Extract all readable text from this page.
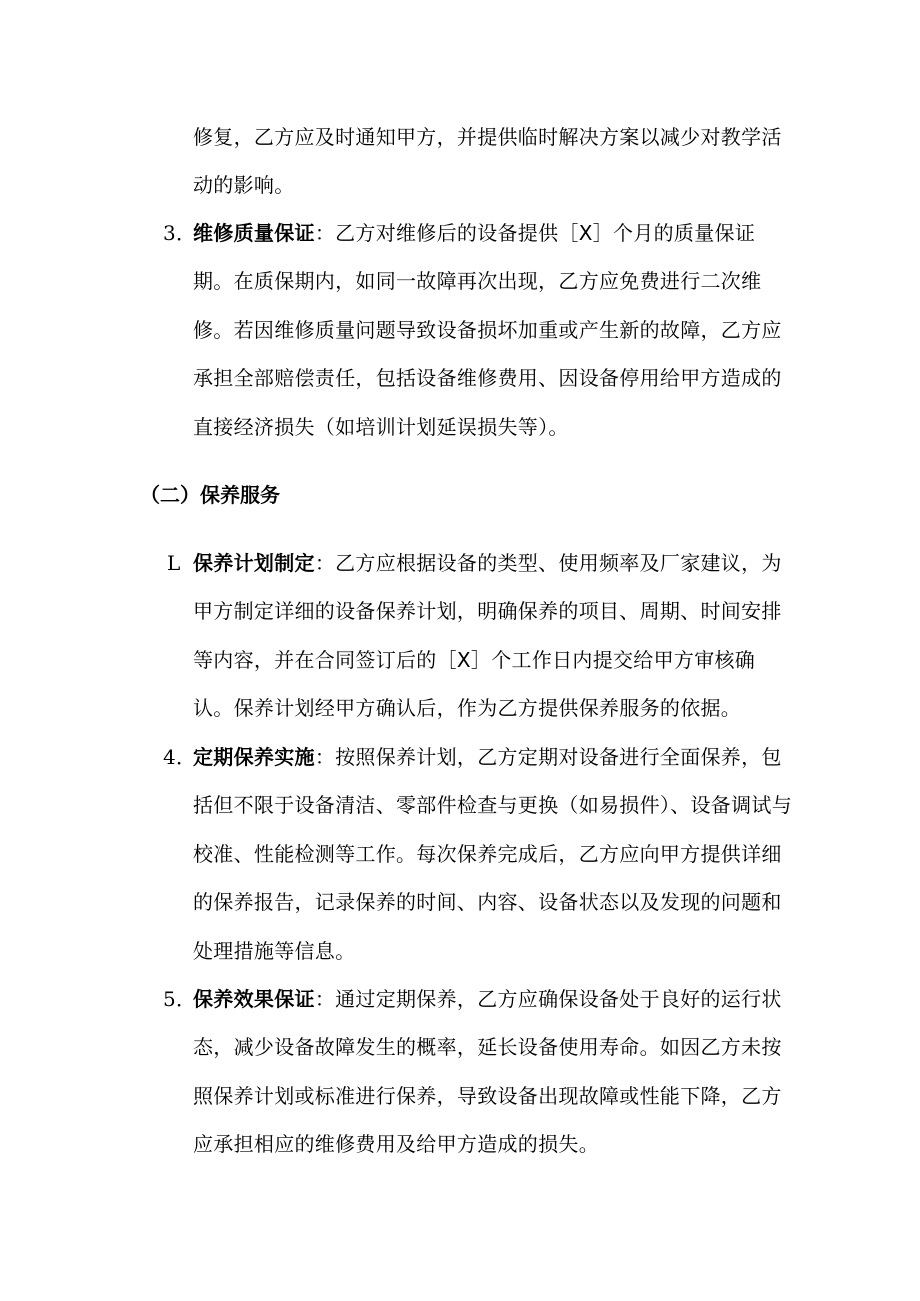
修复，乙方应及时通知甲方，并提供临时解决方案以减少对教学活动的影响。

3．
维修质量保证：乙方对维修后的设备提供［X］个月的质量保证期。在质保期内，如同一故障再次出现，乙方应免费进行二次维修。若因维修质量问题导致设备损坏加重或产生新的故障，乙方应承担全部赔偿责任，包括设备维修费用、因设备停用给甲方造成的直接经济损失（如培训计划延误损失等）。

（二）保养服务

L 保养计划制定：乙方应根据设备的类型、使用频率及厂家建议，为甲方制定详细的设备保养计划，明确保养的项目、周期、时间安排等内容，并在合同签订后的［X］个工作日内提交给甲方审核确认。保养计划经甲方确认后，作为乙方提供保养服务的依据。

4．
定期保养实施：按照保养计划，乙方定期对设备进行全面保养，包括但不限于设备清洁、零部件检查与更换（如易损件）、设备调试与校准、性能检测等工作。每次保养完成后，乙方应向甲方提供详细的保养报告，记录保养的时间、内容、设备状态以及发现的问题和处理措施等信息。

5．
保养效果保证：通过定期保养，乙方应确保设备处于良好的运行状态，减少设备故障发生的概率，延长设备使用寿命。如因乙方未按照保养计划或标准进行保养，导致设备出现故障或性能下降，乙方应承担相应的维修费用及给甲方造成的损失。
